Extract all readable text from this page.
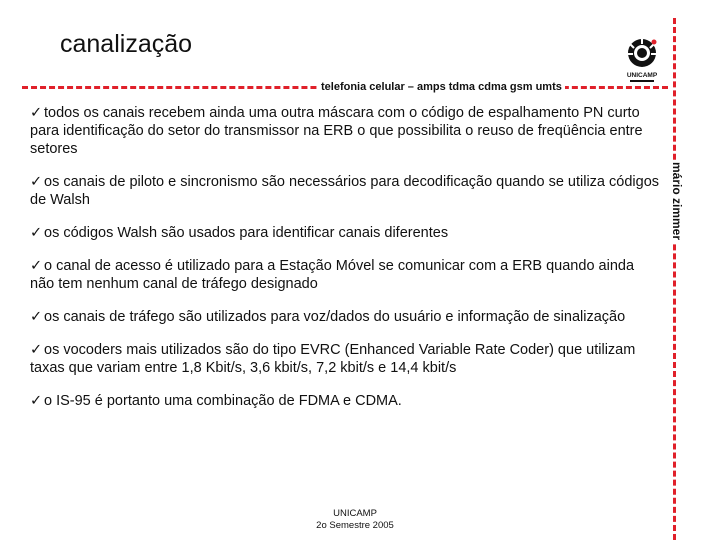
canalização
UNICAMP
telefonia celular – amps tdma cdma gsm umts
mário zimmer
✓ todos os canais recebem ainda uma outra máscara com o código de espalhamento PN curto para identificação do setor do transmissor na ERB o que possibilita o reuso de freqüência entre setores
✓ os canais de piloto e sincronismo são necessários para decodificação quando se utiliza códigos de Walsh
✓ os códigos Walsh são usados para identificar canais diferentes
✓ o canal de acesso é utilizado para a Estação Móvel se comunicar com a ERB quando ainda não tem nenhum canal de tráfego designado
✓ os canais de tráfego são utilizados para voz/dados do usuário e informação de sinalização
✓ os vocoders mais utilizados são do tipo EVRC (Enhanced Variable Rate Coder) que utilizam taxas que variam entre 1,8 Kbit/s, 3,6 kbit/s, 7,2 kbit/s e 14,4 kbit/s
✓ o IS-95 é portanto uma combinação de FDMA e CDMA.
UNICAMP
2o Semestre 2005
